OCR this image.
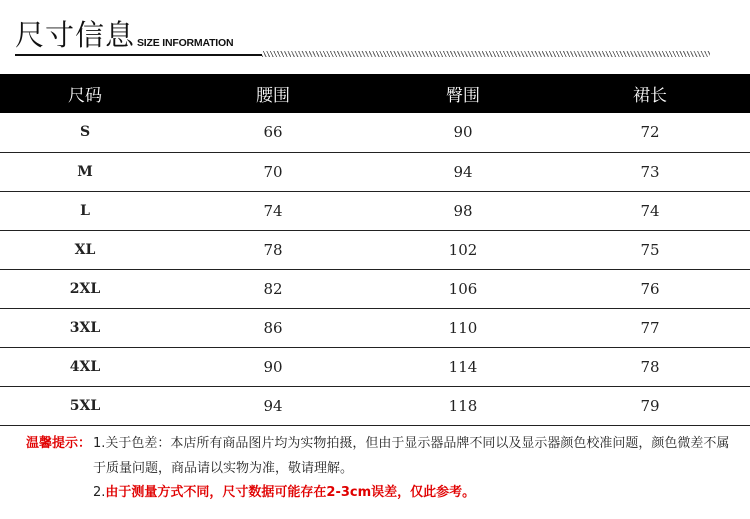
尺寸信息 SIZE INFORMATION
尺码	腰围	臀围	裙长
S	66	90	72
M	70	94	73
L	74	98	74
XL	78	102	75
2XL	82	106	76
3XL	86	110	77
4XL	90	114	78
5XL	94	118	79
温馨提示： 1.关于色差：本店所有商品图片均为实物拍摄，但由于显示器品牌不同以及显示器颜色校准问题，颜色微差不属于质量问题，商品请以实物为准，敬请理解。
2.由于测量方式不同，尺寸数据可能存在2-3cm误差，仅此参考。
